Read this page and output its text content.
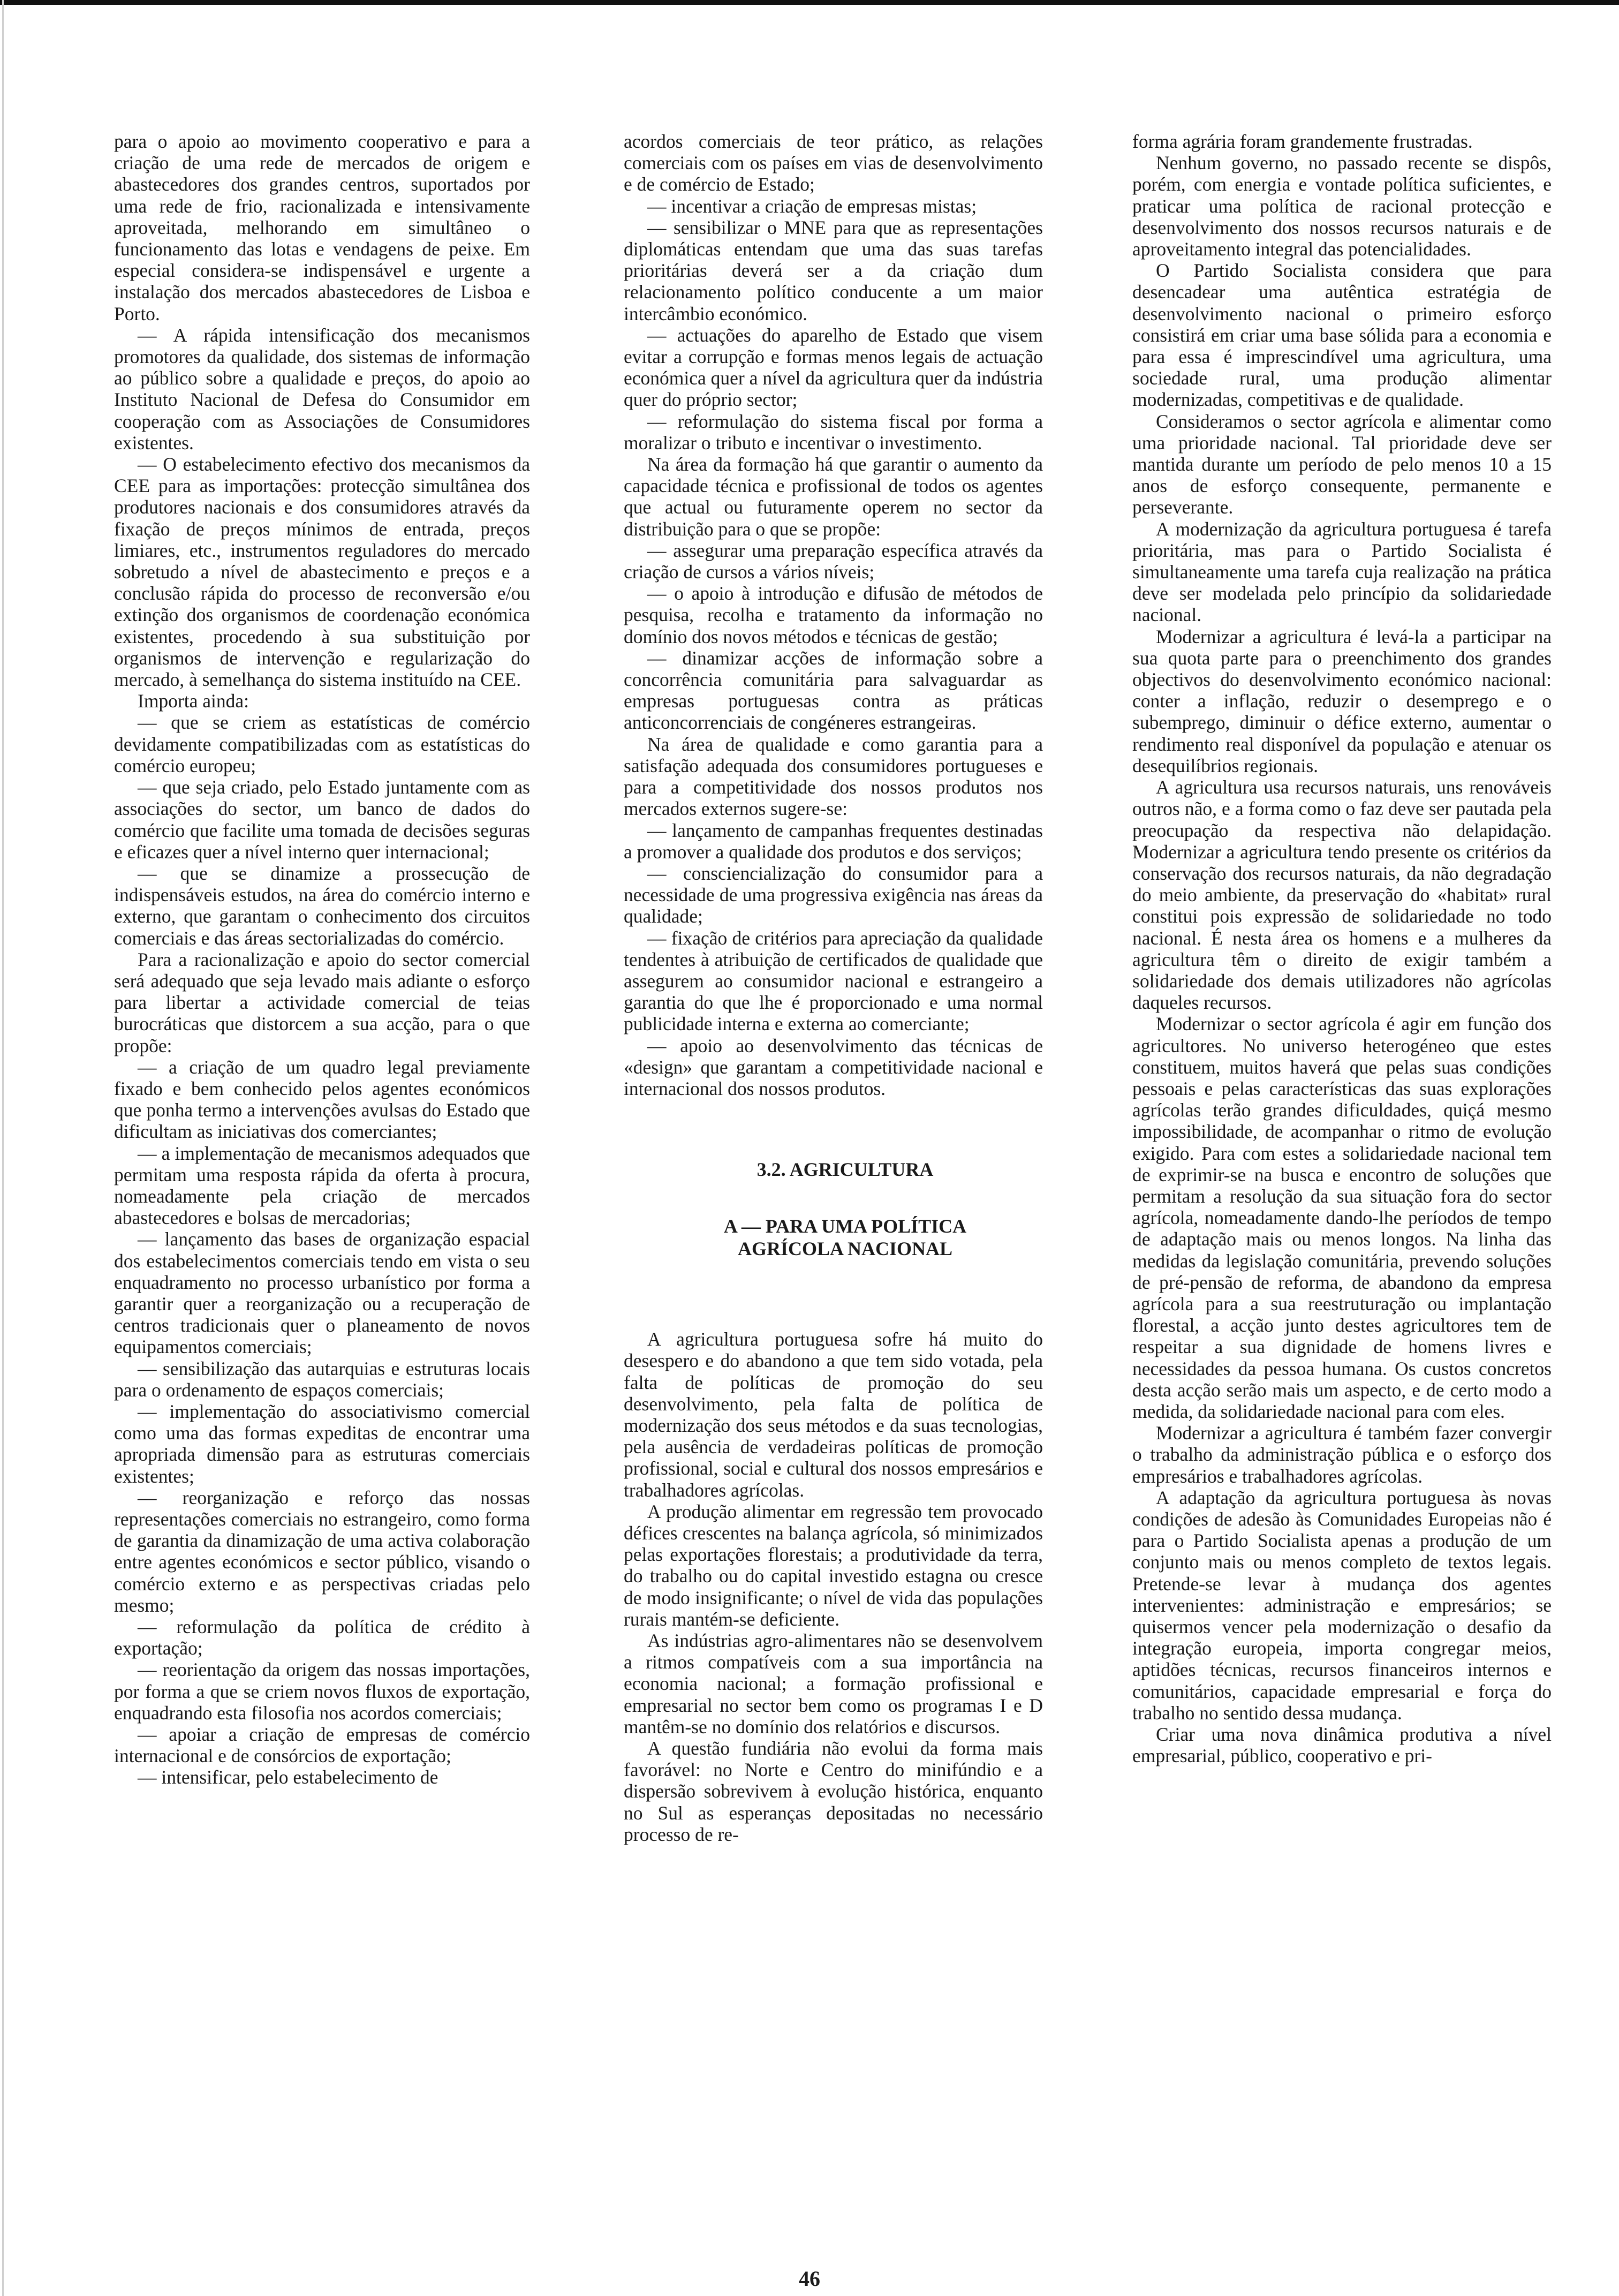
para o apoio ao movimento cooperativo e para a criação de uma rede de mercados de origem e abastecedores dos grandes centros, suportados por uma rede de frio, racionalizada e intensivamente aproveitada, melhorando em simultâneo o funcionamento das lotas e vendagens de peixe. Em especial considera-se indispensável e urgente a instalação dos mercados abastecedores de Lisboa e Porto.

— A rápida intensificação dos mecanismos promotores da qualidade, dos sistemas de informação ao público sobre a qualidade e preços, do apoio ao Instituto Nacional de Defesa do Consumidor em cooperação com as Associações de Consumidores existentes.

— O estabelecimento efectivo dos mecanismos da CEE para as importações: protecção simultânea dos produtores nacionais e dos consumidores através da fixação de preços mínimos de entrada, preços limiares, etc., instrumentos reguladores do mercado sobretudo a nível de abastecimento e preços e a conclusão rápida do processo de reconversão e/ou extinção dos organismos de coordenação económica existentes, procedendo à sua substituição por organismos de intervenção e regularização do mercado, à semelhança do sistema instituído na CEE.

Importa ainda:

— que se criem as estatísticas de comércio devidamente compatibilizadas com as estatísticas do comércio europeu;

— que seja criado, pelo Estado juntamente com as associações do sector, um banco de dados do comércio que facilite uma tomada de decisões seguras e eficazes quer a nível interno quer internacional;

— que se dinamize a prossecução de indispensáveis estudos, na área do comércio interno e externo, que garantam o conhecimento dos circuitos comerciais e das áreas sectorializadas do comércio.

Para a racionalização e apoio do sector comercial será adequado que seja levado mais adiante o esforço para libertar a actividade comercial de teias burocráticas que distorcem a sua acção, para o que propõe:

— a criação de um quadro legal previamente fixado e bem conhecido pelos agentes económicos que ponha termo a intervenções avulsas do Estado que dificultam as iniciativas dos comerciantes;

— a implementação de mecanismos adequados que permitam uma resposta rápida da oferta à procura, nomeadamente pela criação de mercados abastecedores e bolsas de mercadorias;

— lançamento das bases de organização espacial dos estabelecimentos comerciais tendo em vista o seu enquadramento no processo urbanístico por forma a garantir quer a reorganização ou a recuperação de centros tradicionais quer o planeamento de novos equipamentos comerciais;

— sensibilização das autarquias e estruturas locais para o ordenamento de espaços comerciais;

— implementação do associativismo comercial como uma das formas expeditas de encontrar uma apropriada dimensão para as estruturas comerciais existentes;

— reorganização e reforço das nossas representações comerciais no estrangeiro, como forma de garantia da dinamização de uma activa colaboração entre agentes económicos e sector público, visando o comércio externo e as perspectivas criadas pelo mesmo;

— reformulação da política de crédito à exportação;

— reorientação da origem das nossas importações, por forma a que se criem novos fluxos de exportação, enquadrando esta filosofia nos acordos comerciais;

— apoiar a criação de empresas de comércio internacional e de consórcios de exportação;

— intensificar, pelo estabelecimento de

acordos comerciais de teor prático, as relações comerciais com os países em vias de desenvolvimento e de comércio de Estado;

— incentivar a criação de empresas mistas;

— sensibilizar o MNE para que as representações diplomáticas entendam que uma das suas tarefas prioritárias deverá ser a da criação dum relacionamento político conducente a um maior intercâmbio económico.

— actuações do aparelho de Estado que visem evitar a corrupção e formas menos legais de actuação económica quer a nível da agricultura quer da indústria quer do próprio sector;

— reformulação do sistema fiscal por forma a moralizar o tributo e incentivar o investimento.

Na área da formação há que garantir o aumento da capacidade técnica e profissional de todos os agentes que actual ou futuramente operem no sector da distribuição para o que se propõe:

— assegurar uma preparação específica através da criação de cursos a vários níveis;

— o apoio à introdução e difusão de métodos de pesquisa, recolha e tratamento da informação no domínio dos novos métodos e técnicas de gestão;

— dinamizar acções de informação sobre a concorrência comunitária para salvaguardar as empresas portuguesas contra as práticas anticoncorrenciais de congéneres estrangeiras.

Na área de qualidade e como garantia para a satisfação adequada dos consumidores portugueses e para a competitividade dos nossos produtos nos mercados externos sugere-se:

— lançamento de campanhas frequentes destinadas a promover a qualidade dos produtos e dos serviços;

— consciencialização do consumidor para a necessidade de uma progressiva exigência nas áreas da qualidade;

— fixação de critérios para apreciação da qualidade tendentes à atribuição de certificados de qualidade que assegurem ao consumidor nacional e estrangeiro a garantia do que lhe é proporcionado e uma normal publicidade interna e externa ao comerciante;

— apoio ao desenvolvimento das técnicas de «design» que garantam a competitividade nacional e internacional dos nossos produtos.

3.2. AGRICULTURA

A — PARA UMA POLÍTICA

AGRÍCOLA NACIONAL

A agricultura portuguesa sofre há muito do desespero e do abandono a que tem sido votada, pela falta de políticas de promoção do seu desenvolvimento, pela falta de política de modernização dos seus métodos e da suas tecnologias, pela ausência de verdadeiras políticas de promoção profissional, social e cultural dos nossos empresários e trabalhadores agrícolas.

A produção alimentar em regressão tem provocado défices crescentes na balança agrícola, só minimizados pelas exportações florestais; a produtividade da terra, do trabalho ou do capital investido estagna ou cresce de modo insignificante; o nível de vida das populações rurais mantém-se deficiente.

As indústrias agro-alimentares não se desenvolvem a ritmos compatíveis com a sua importância na economia nacional; a formação profissional e empresarial no sector bem como os programas I e D mantêm-se no domínio dos relatórios e discursos.

A questão fundiária não evolui da forma mais favorável: no Norte e Centro do minifúndio e a dispersão sobrevivem à evolução histórica, enquanto no Sul as esperanças depositadas no necessário processo de re-

forma agrária foram grandemente frustradas.

Nenhum governo, no passado recente se dispôs, porém, com energia e vontade política suficientes, e praticar uma política de racional protecção e desenvolvimento dos nossos recursos naturais e de aproveitamento integral das potencialidades.

O Partido Socialista considera que para desencadear uma autêntica estratégia de desenvolvimento nacional o primeiro esforço consistirá em criar uma base sólida para a economia e para essa é imprescindível uma agricultura, uma sociedade rural, uma produção alimentar modernizadas, competitivas e de qualidade.

Consideramos o sector agrícola e alimentar como uma prioridade nacional. Tal prioridade deve ser mantida durante um período de pelo menos 10 a 15 anos de esforço consequente, permanente e perseverante.

A modernização da agricultura portuguesa é tarefa prioritária, mas para o Partido Socialista é simultaneamente uma tarefa cuja realização na prática deve ser modelada pelo princípio da solidariedade nacional.

Modernizar a agricultura é levá-la a participar na sua quota parte para o preenchimento dos grandes objectivos do desenvolvimento económico nacional: conter a inflação, reduzir o desemprego e o subemprego, diminuir o défice externo, aumentar o rendimento real disponível da população e atenuar os desequilíbrios regionais.

A agricultura usa recursos naturais, uns renováveis outros não, e a forma como o faz deve ser pautada pela preocupação da respectiva não delapidação. Modernizar a agricultura tendo presente os critérios da conservação dos recursos naturais, da não degradação do meio ambiente, da preservação do «habitat» rural constitui pois expressão de solidariedade no todo nacional. É nesta área os homens e a mulheres da agricultura têm o direito de exigir também a solidariedade dos demais utilizadores não agrícolas daqueles recursos.

Modernizar o sector agrícola é agir em função dos agricultores. No universo heterogéneo que estes constituem, muitos haverá que pelas suas condições pessoais e pelas características das suas explorações agrícolas terão grandes dificuldades, quiçá mesmo impossibilidade, de acompanhar o ritmo de evolução exigido. Para com estes a solidariedade nacional tem de exprimir-se na busca e encontro de soluções que permitam a resolução da sua situação fora do sector agrícola, nomeadamente dando-lhe períodos de tempo de adaptação mais ou menos longos. Na linha das medidas da legislação comunitária, prevendo soluções de pré-pensão de reforma, de abandono da empresa agrícola para a sua reestruturação ou implantação florestal, a acção junto destes agricultores tem de respeitar a sua dignidade de homens livres e necessidades da pessoa humana. Os custos concretos desta acção serão mais um aspecto, e de certo modo a medida, da solidariedade nacional para com eles.

Modernizar a agricultura é também fazer convergir o trabalho da administração pública e o esforço dos empresários e trabalhadores agrícolas.

A adaptação da agricultura portuguesa às novas condições de adesão às Comunidades Europeias não é para o Partido Socialista apenas a produção de um conjunto mais ou menos completo de textos legais. Pretende-se levar à mudança dos agentes intervenientes: administração e empresários; se quisermos vencer pela modernização o desafio da integração europeia, importa congregar meios, aptidões técnicas, recursos financeiros internos e comunitários, capacidade empresarial e força do trabalho no sentido dessa mudança.

Criar uma nova dinâmica produtiva a nível empresarial, público, cooperativo e pri-

46
